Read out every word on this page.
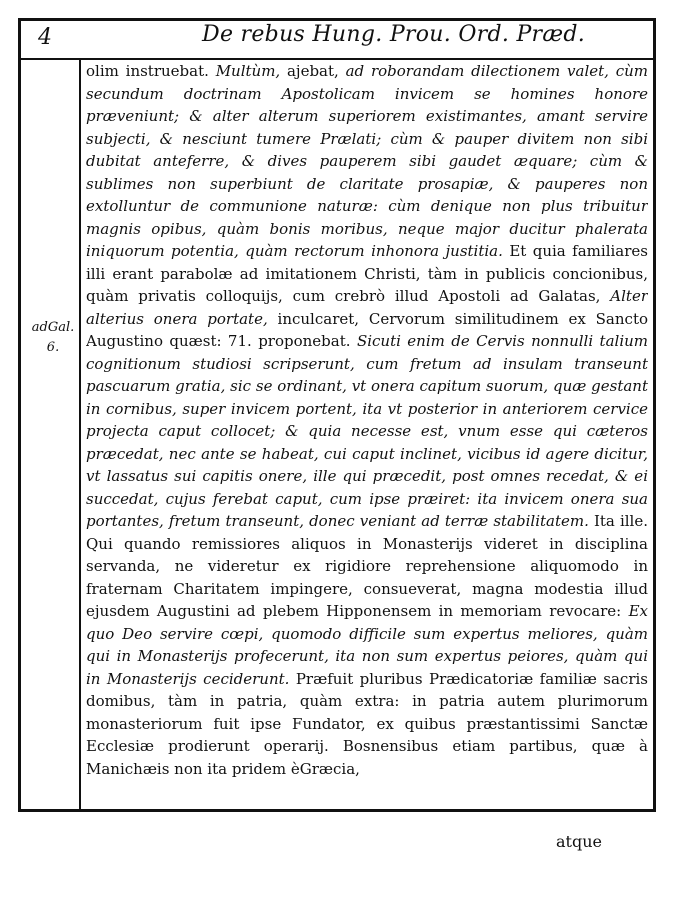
4	De rebus Hung. Prou. Ord. Præd.
adGal.
6.
olim instruebat. Multùm, ajebat, ad roborandam dilectionem valet, cùm secundum doctrinam Apostolicam invicem se homines honore præveniunt; & alter alterum superiorem existimantes, amant servire subjecti, & nesciunt tumere Prælati; cùm & pauper divitem non sibi dubitat anteferre, & dives pauperem sibi gaudet æquare; cùm & sublimes non superbiunt de claritate prosapiæ, & pauperes non extolluntur de communione naturæ: cùm denique non plus tribuitur magnis opibus, quàm bonis moribus, neque major ducitur phalerata iniquorum potentia, quàm rectorum inhonora justitia. Et quia familiares illi erant parabolæ ad imitationem Christi, tàm in publicis concionibus, quàm privatis colloquijs, cum crebrò illud Apostoli ad Galatas, Alter alterius onera portate, inculcaret, Cervorum similitudinem ex Sancto Augustino quæst: 71. proponebat. Sicuti enim de Cervis nonnulli talium cognitionum studiosi scripserunt, cum fretum ad insulam transeunt pascuarum gratia, sic se ordinant, vt onera capitum suorum, quæ gestant in cornibus, super invicem portent, ita vt posterior in anteriorem cervice projecta caput collocet; & quia necesse est, vnum esse qui cæteros præcedat, nec ante se habeat, cui caput inclinet, vicibus id agere dicitur, vt lassatus sui capitis onere, ille qui præcedit, post omnes recedat, & ei succedat, cujus ferebat caput, cum ipse præiret: ita invicem onera sua portantes, fretum transeunt, donec veniant ad terræ stabilitatem. Ita ille. Qui quando remissiores aliquos in Monasterijs videret in disciplina servanda, ne videretur ex rigidiore reprehensione aliquomodo in fraternam Charitatem impingere, consueverat, magna modestia illud ejusdem Augustini ad plebem Hipponensem in memoriam revocare: Ex quo Deo servire cœpi, quomodo difficile sum expertus meliores, quàm qui in Monasterijs profecerunt, ita non sum expertus peiores, quàm qui in Monasterijs ceciderunt. Præfuit pluribus Prædicatoriæ familiæ sacris domibus, tàm in patria, quàm extra: in patria autem plurimorum monasteriorum fuit ipse Fundator, ex quibus præstantissimi Sanctæ Ecclesiæ prodierunt operarij. Bosnensibus etiam partibus, quæ à Manichæis non ita pridem èGræcia,
atque
